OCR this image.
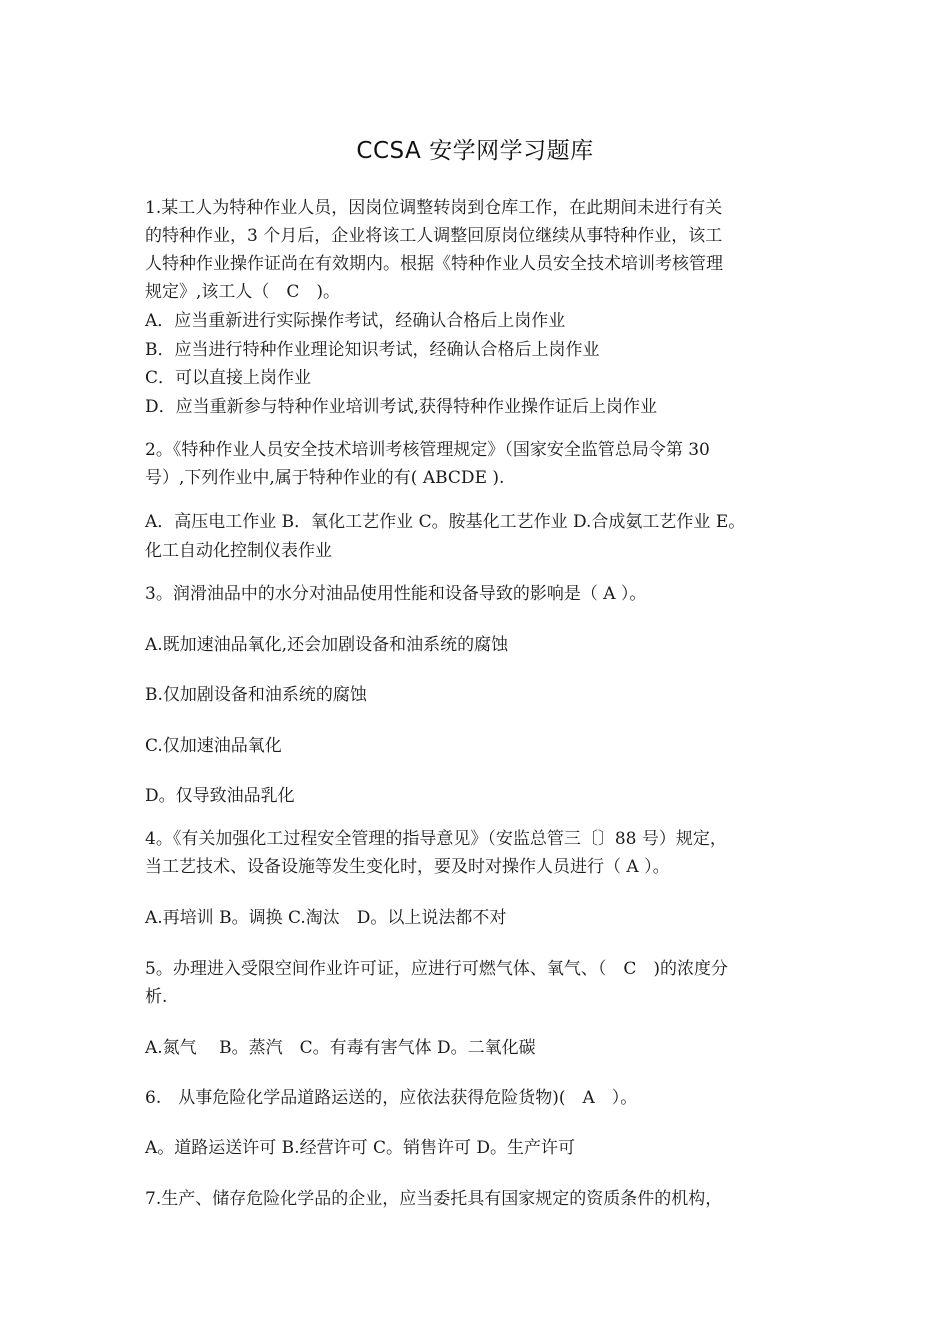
CCSA 安学网学习题库
1.某工人为特种作业人员，因岗位调整转岗到仓库工作，在此期间未进行有关
的特种作业，3 个月后，企业将该工人调整回原岗位继续从事特种作业，该工
人特种作业操作证尚在有效期内。根据《特种作业人员安全技术培训考核管理
规定》,该工人（　C　)。
A．应当重新进行实际操作考试，经确认合格后上岗作业
B．应当进行特种作业理论知识考试，经确认合格后上岗作业
C．可以直接上岗作业
D．应当重新参与特种作业培训考试,获得特种作业操作证后上岗作业
2。《特种作业人员安全技术培训考核管理规定》（国家安全监管总局令第 30
号）,下列作业中,属于特种作业的有( ABCDE ).
A．高压电工作业 B．氧化工艺作业 C。胺基化工艺作业 D.合成氨工艺作业 E。
化工自动化控制仪表作业
3。润滑油品中的水分对油品使用性能和设备导致的影响是（ A ）。
A.既加速油品氧化,还会加剧设备和油系统的腐蚀
B.仅加剧设备和油系统的腐蚀
C.仅加速油品氧化
D。仅导致油品乳化
4。《有关加强化工过程安全管理的指导意见》（安监总管三〔〕88 号）规定，
当工艺技术、设备设施等发生变化时，要及时对操作人员进行（ A ）。
A.再培训 B。调换 C.淘汰　D。以上说法都不对
5。办理进入受限空间作业许可证，应进行可燃气体、氧气、（　C　)的浓度分
析.
A.氮气　 B。蒸汽　C。有毒有害气体 D。二氧化碳
6.　从事危险化学品道路运送的，应依法获得危险货物)(　A　）。
A。道路运送许可 B.经营许可 C。销售许可 D。生产许可
7.生产、储存危险化学品的企业，应当委托具有国家规定的资质条件的机构，
